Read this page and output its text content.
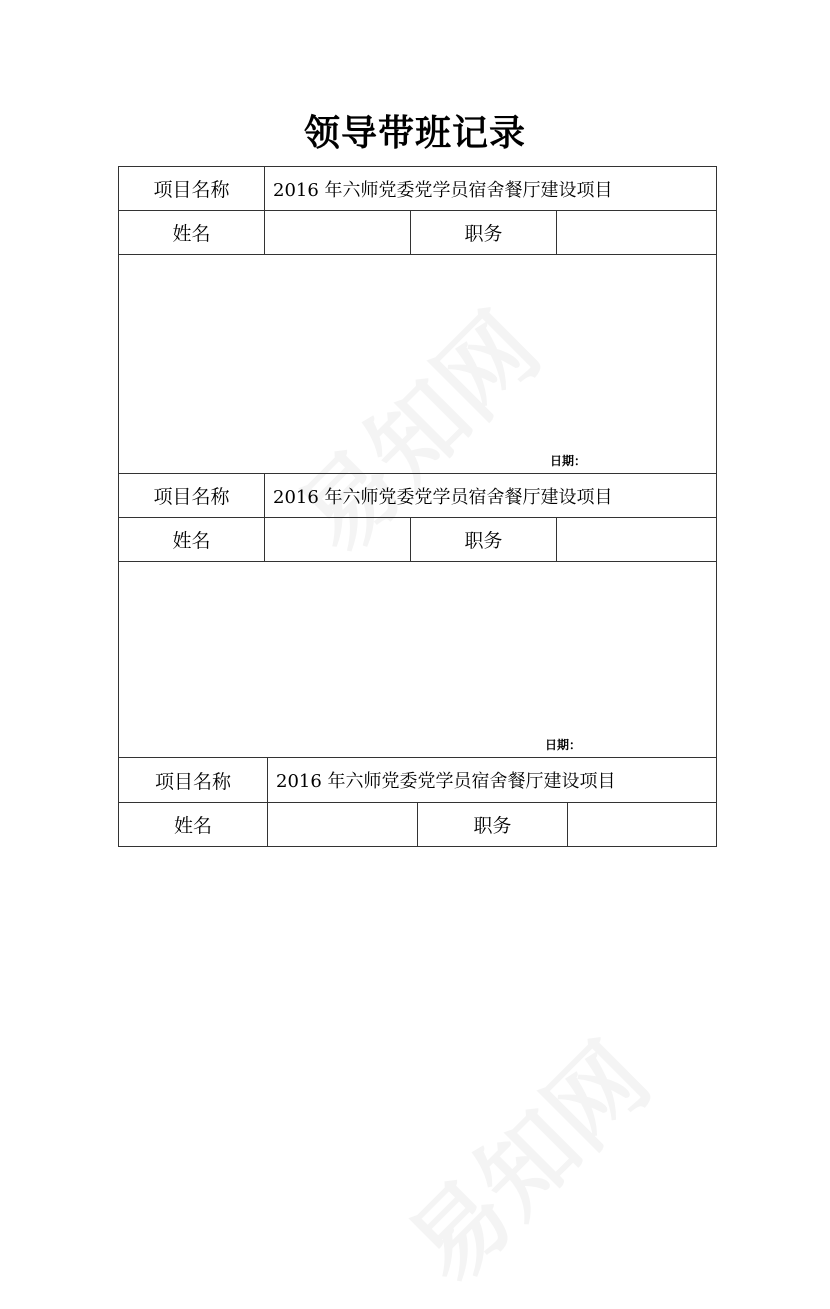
领导带班记录
项目名称	2016 年六师党委党学员宿舍餐厅建设项目		
姓名		职务	

日期：			
项目名称	2016 年六师党委党学员宿舍餐厅建设项目		
姓名		职务	

日期：			
项目名称	2016 年六师党委党学员宿舍餐厅建设项目		
姓名		职务	
